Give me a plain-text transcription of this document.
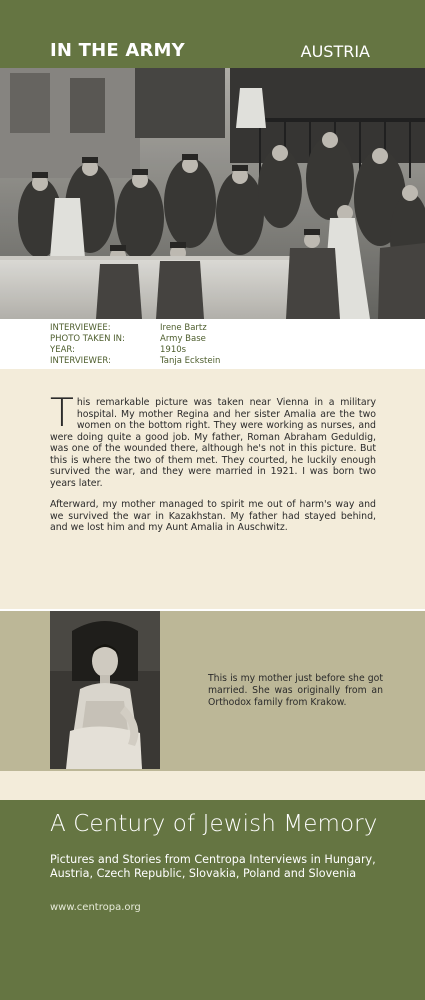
IN THE ARMY	AUSTRIA
INTERVIEWEE:	Irene Bartz
PHOTO TAKEN IN:	Army Base
YEAR:	1910s
INTERVIEWER:	Tanja Eckstein

This remarkable picture was taken near Vienna in a military hospital. My mother Regina and her sister Amalia are the two women on the bottom right. They were working as nurses, and were doing quite a good job. My father, Roman Abraham Geduldig, was one of the wounded there, although he's not in this picture. But this is where the two of them met. They courted, he luckily enough survived the war, and they were married in 1921. I was born two years later.

Afterward, my mother managed to spirit me out of harm's way and we survived the war in Kazakhstan. My father had stayed behind, and we lost him and my Aunt Amalia in Auschwitz.

This is my mother just before she got married. She was originally from an Orthodox family from Krakow.
A Century of Jewish Memory
Pictures and Stories from Centropa Interviews in Hungary, Austria, Czech Republic, Slovakia, Poland and Slovenia
www.centropa.org
